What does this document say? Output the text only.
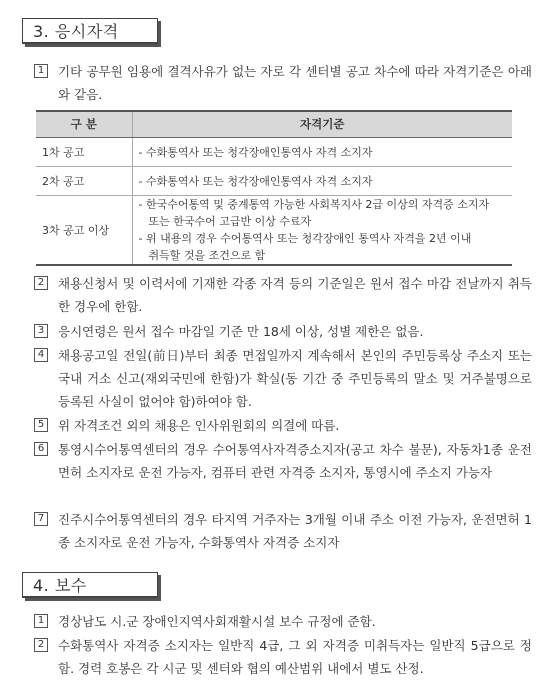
3. 응시자격
1	기타 공무원 임용에 결격사유가 없는 자로 각 센터별 공고 차수에 따라 자격기준은 아래와 같음.
구 분	자격기준
1차 공고	- 수화통역사 또는 청각장애인통역사 자격 소지자
2차 공고	- 수화통역사 또는 청각장애인통역사 자격 소지자
3차 공고 이상	- 한국수어통역 및 중계통역 가능한 사회복지사 2급 이상의 자격증 소지자
또는 한국수어 고급반 이상 수료자
- 위 내용의 경우 수어통역사 또는 청각장애인 통역사 자격을 2년 이내
취득할 것을 조건으로 함
2	채용신청서 및 이력서에 기재한 각종 자격 등의 기준일은 원서 접수 마감 전날까지 취득한 경우에 한함.
3	응시연령은 원서 접수 마감일 기준 만 18세 이상, 성별 제한은 없음.
4	채용공고일 전일(前日)부터 최종 면접일까지 계속해서 본인의 주민등록상 주소지 또는 국내 거소 신고(재외국민에 한함)가 확실(동 기간 중 주민등록의 말소 및 거주불명으로 등록된 사실이 없어야 함)하여야 함.
5	위 자격조건 외의 채용은 인사위원회의 의결에 따름.
6	통영시수어통역센터의 경우 수어통역사자격증소지자(공고 차수 불문), 자동차1종 운전면허 소지자로 운전 가능자, 컴퓨터 관련 자격증 소지자, 통영시에 주소지 가능자
7	진주시수어통역센터의 경우 타지역 거주자는 3개월 이내 주소 이전 가능자, 운전면허 1종 소지자로 운전 가능자, 수화통역사 자격증 소지자
4. 보수
1	경상남도 시.군 장애인지역사회재활시설 보수 규정에 준함.
2	수화통역사 자격증 소지자는 일반직 4급, 그 외 자격증 미취득자는 일반직 5급으로 정함. 경력 호봉은 각 시군 및 센터와 협의 예산범위 내에서 별도 산정.
